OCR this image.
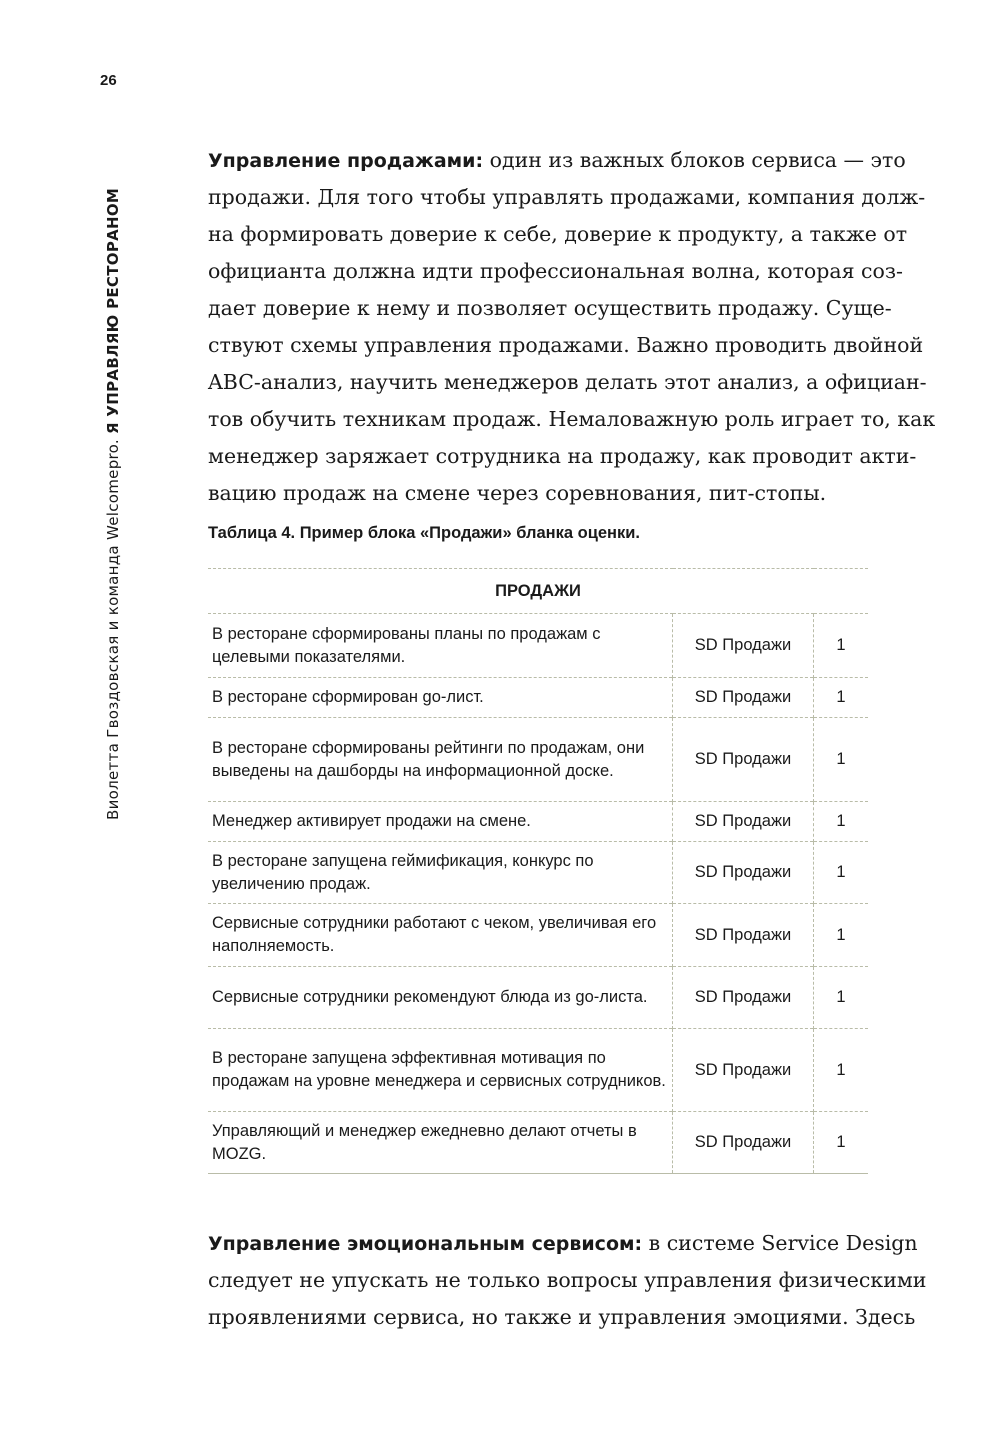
26
Виолетта Гвоздовская и команда Welcomepro. Я УПРАВЛЯЮ РЕСТОРАНОМ
Управление продажами: один из важных блоков сервиса — это
продажи. Для того чтобы управлять продажами, компания долж-
на формировать доверие к себе, доверие к продукту, а также от
официанта должна идти профессиональная волна, которая соз-
дает доверие к нему и позволяет осуществить продажу. Суще-
ствуют схемы управления продажами. Важно проводить двойной
ABC-анализ, научить менеджеров делать этот анализ, а официан-
тов обучить техникам продаж. Немаловажную роль играет то, как
менеджер заряжает сотрудника на продажу, как проводит акти-
вацию продаж на смене через соревнования, пит-стопы.
Таблица 4. Пример блока «Продажи» бланка оценки.
ПРОДАЖИ		
В ресторане сформированы планы по продажам с целевыми показателями.	SD Продажи	1
В ресторане сформирован go-лист.	SD Продажи	1
В ресторане сформированы рейтинги по продажам, они выведены на дашборды на информационной доске.	SD Продажи	1
Менеджер активирует продажи на смене.	SD Продажи	1
В ресторане запущена геймификация, конкурс по увеличению продаж.	SD Продажи	1
Сервисные сотрудники работают с чеком, увеличивая его наполняемость.	SD Продажи	1
Сервисные сотрудники рекомендуют блюда из go-листа.	SD Продажи	1
В ресторане запущена эффективная мотивация по продажам на уровне менеджера и сервисных сотрудников.	SD Продажи	1
Управляющий и менеджер ежедневно делают отчеты в MOZG.	SD Продажи	1
Управление эмоциональным сервисом: в системе Service Design
следует не упускать не только вопросы управления физическими
проявлениями сервиса, но также и управления эмоциями. Здесь
